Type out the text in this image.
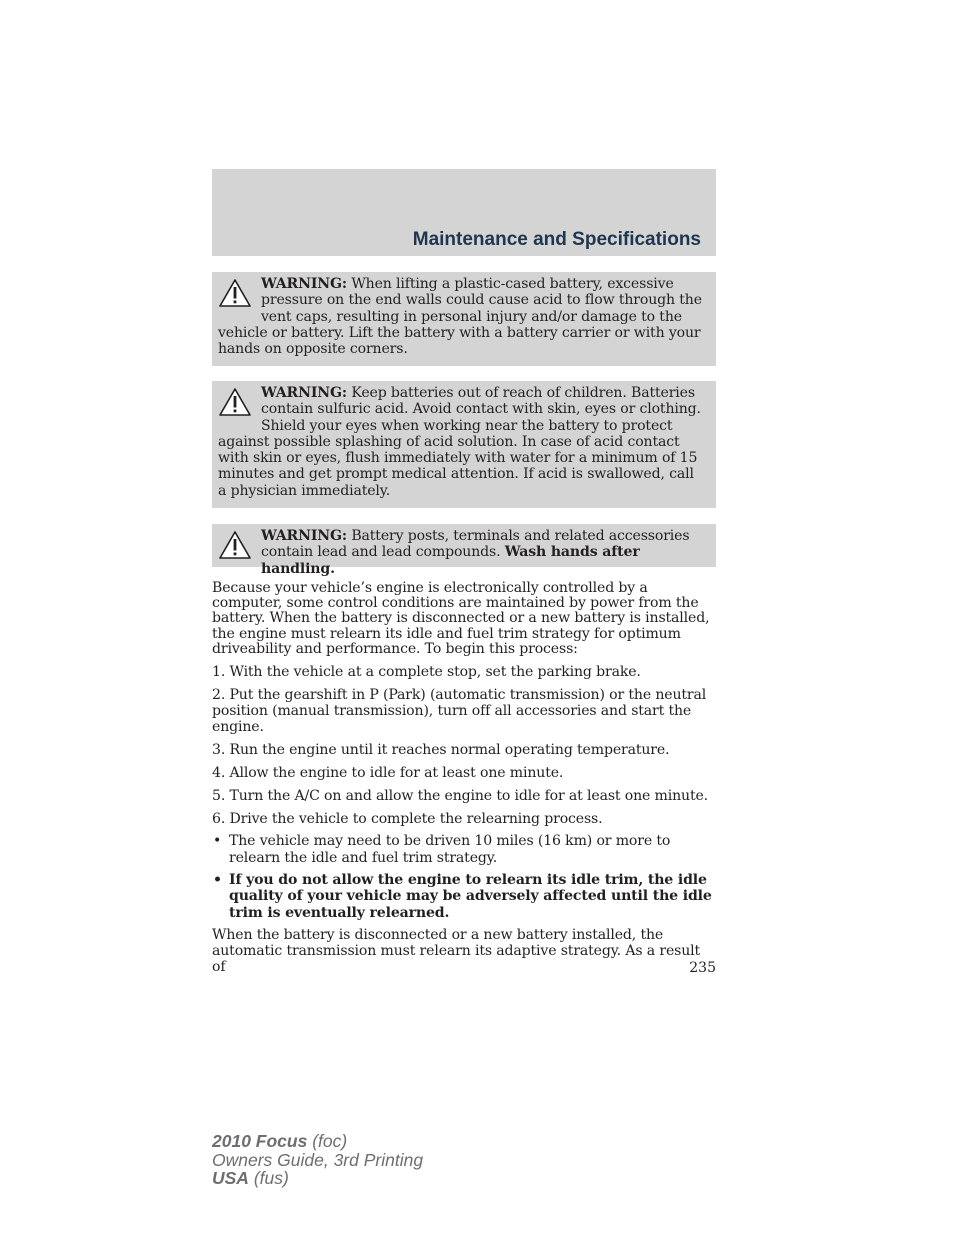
Maintenance and Specifications
WARNING: When lifting a plastic-cased battery, excessive pressure on the end walls could cause acid to flow through the vent caps, resulting in personal injury and/or damage to the vehicle or battery. Lift the battery with a battery carrier or with your hands on opposite corners.
WARNING: Keep batteries out of reach of children. Batteries contain sulfuric acid. Avoid contact with skin, eyes or clothing. Shield your eyes when working near the battery to protect against possible splashing of acid solution. In case of acid contact with skin or eyes, flush immediately with water for a minimum of 15 minutes and get prompt medical attention. If acid is swallowed, call a physician immediately.
WARNING: Battery posts, terminals and related accessories contain lead and lead compounds. Wash hands after handling.

Because your vehicle’s engine is electronically controlled by a computer, some control conditions are maintained by power from the battery. When the battery is disconnected or a new battery is installed, the engine must relearn its idle and fuel trim strategy for optimum driveability and performance. To begin this process:

1. With the vehicle at a complete stop, set the parking brake.

2. Put the gearshift in P (Park) (automatic transmission) or the neutral position (manual transmission), turn off all accessories and start the engine.

3. Run the engine until it reaches normal operating temperature.

4. Allow the engine to idle for at least one minute.

5. Turn the A/C on and allow the engine to idle for at least one minute.

6. Drive the vehicle to complete the relearning process.

• The vehicle may need to be driven 10 miles (16 km) or more to relearn the idle and fuel trim strategy.
• If you do not allow the engine to relearn its idle trim, the idle quality of your vehicle may be adversely affected until the idle trim is eventually relearned.

When the battery is disconnected or a new battery installed, the automatic transmission must relearn its adaptive strategy. As a result of	235
2010 Focus (foc)
Owners Guide, 3rd Printing
USA (fus)
